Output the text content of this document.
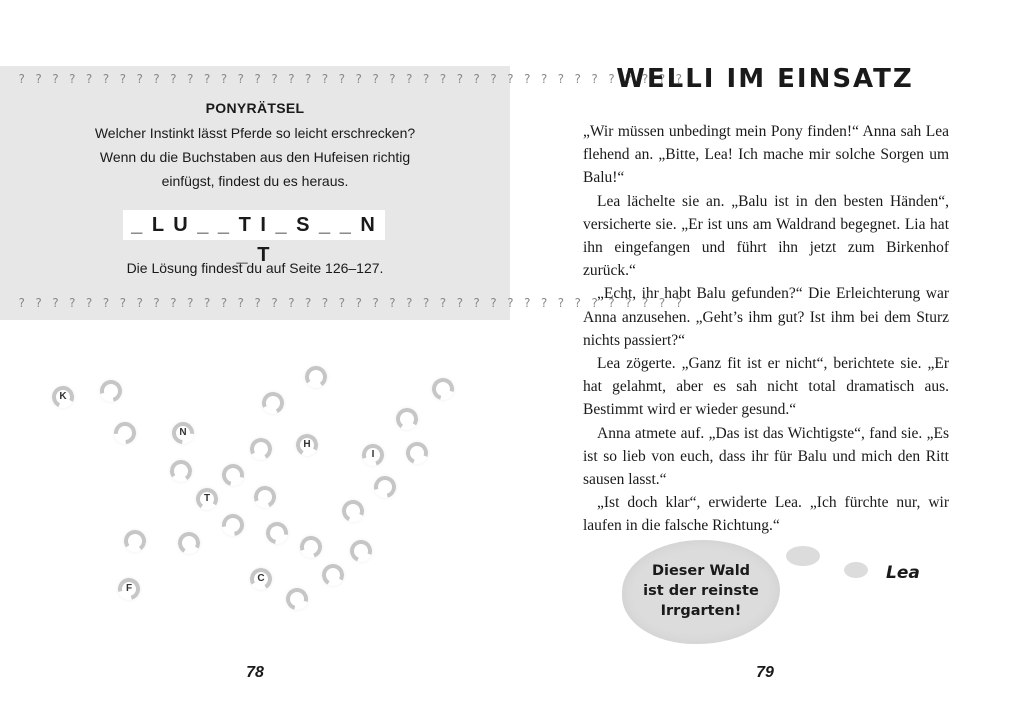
? ? ? ? ? ? ? ? ? ? ? ? ? ? ? ? ? ? ? ? ? ? ? ? ? ? ? ? ? ? ? ? ? ? ? ? ? ? ? ?
PONYRÄTSEL
Welcher Instinkt lässt Pferde so leicht erschrecken?
Wenn du die Buchstaben aus den Hufeisen richtig
einfügst, findest du es heraus.
_ L U _ _ T I _ S _ _ N _ T
Die Lösung findest du auf Seite 126–127.
? ? ? ? ? ? ? ? ? ? ? ? ? ? ? ? ? ? ? ? ? ? ? ? ? ? ? ? ? ? ? ? ? ? ? ? ? ? ? ?
K
N
H
I
T
C
F
78
WELLI IM EINSATZ

„Wir müssen unbedingt mein Pony finden!“ Anna sah Lea flehend an. „Bitte, Lea! Ich mache mir solche Sorgen um Balu!“

Lea lächelte sie an. „Balu ist in den besten Händen“, versicherte sie. „Er ist uns am Waldrand begegnet. Lia hat ihn eingefangen und führt ihn jetzt zum Birkenhof zurück.“

„Echt, ihr habt Balu gefunden?“ Die Erleichterung war Anna anzusehen. „Geht’s ihm gut? Ist ihm bei dem Sturz nichts passiert?“

Lea zögerte. „Ganz fit ist er nicht“, berichtete sie. „Er hat gelahmt, aber es sah nicht total dramatisch aus. Bestimmt wird er wieder gesund.“

Anna atmete auf. „Das ist das Wichtigste“, fand sie. „Es ist so lieb von euch, dass ihr für Balu und mich den Ritt sausen lasst.“

„Ist doch klar“, erwiderte Lea. „Ich fürchte nur, wir laufen in die falsche Richtung.“

Dieser Wald
ist der reinste
Irrgarten!
Lea
79
